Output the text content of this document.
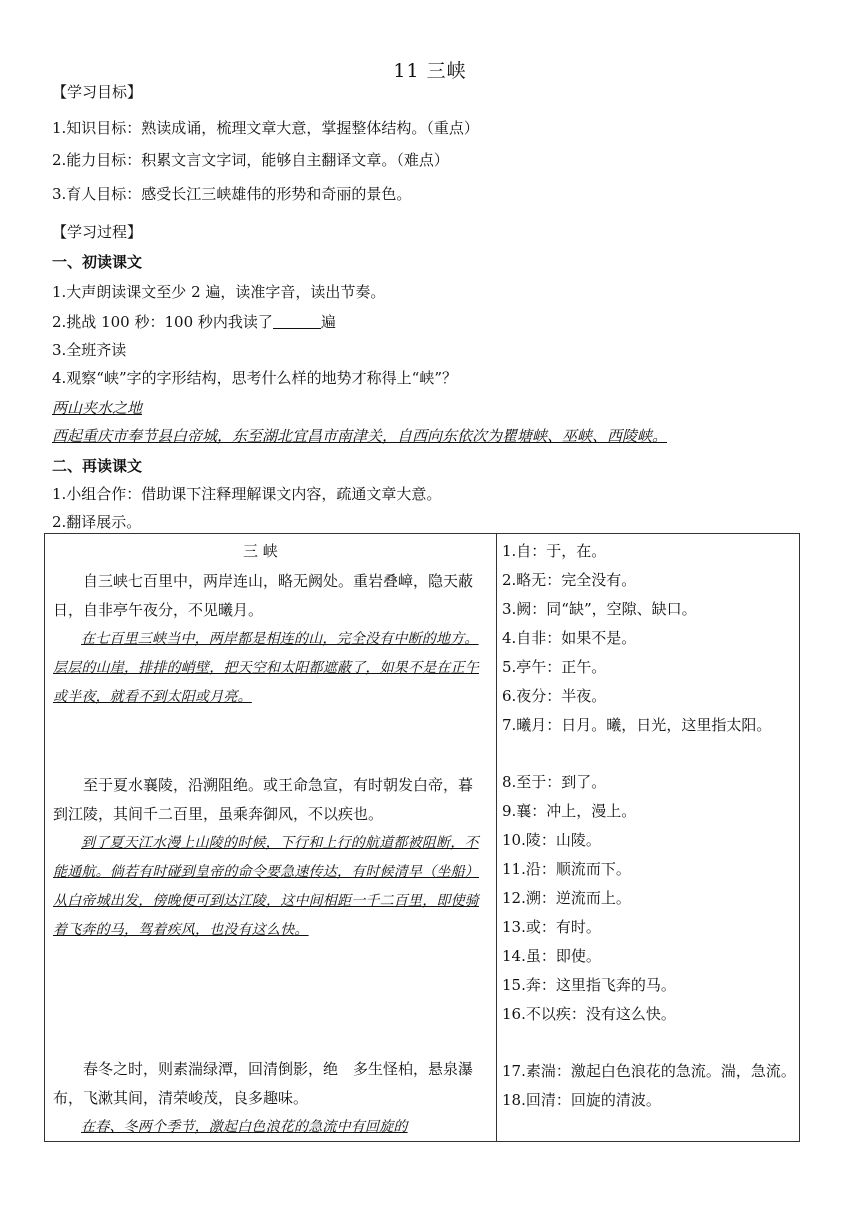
11 三峡
【学习目标】
1.知识目标：熟读成诵，梳理文章大意，掌握整体结构。（重点）
2.能力目标：积累文言文字词，能够自主翻译文章。（难点）
3.育人目标：感受长江三峡雄伟的形势和奇丽的景色。
【学习过程】
一、初读课文
1.大声朗读课文至少 2 遍，读准字音，读出节奏。
2.挑战 100 秒：100 秒内我读了	遍
3.全班齐读
4.观察“峡”字的字形结构，思考什么样的地势才称得上“峡”？
两山夹水之地
西起重庆市奉节县白帝城，东至湖北宜昌市南津关，自西向东依次为瞿塘峡、巫峡、西陵峡。
二、再读课文
1.小组合作：借助课下注释理解课文内容，疏通文章大意。
2.翻译展示。
三 峡

自三峡七百里中，两岸连山，略无阙处。重岩叠嶂，隐天蔽日，自非亭午夜分，不见曦月。

在七百里三峡当中，两岸都是相连的山，完全没有中断的地方。层层的山崖，排排的峭壁，把天空和太阳都遮蔽了，如果不是在正午或半夜，就看不到太阳或月亮。

至于夏水襄陵，沿溯阻绝。或王命急宣，有时朝发白帝，暮到江陵，其间千二百里，虽乘奔御风，不以疾也。

到了夏天江水漫上山陵的时候，下行和上行的航道都被阻断，不能通航。倘若有时碰到皇帝的命令要急速传达，有时候清早（坐船）从白帝城出发，傍晚便可到达江陵，这中间相距一千二百里，即使骑着飞奔的马，驾着疾风，也没有这么快。

春冬之时，则素湍绿潭，回清倒影，绝　多生怪柏，悬泉瀑布，飞漱其间，清荣峻茂，良多趣味。

在春、冬两个季节，激起白色浪花的急流中有回旋的

1.自：于，在。
2.略无：完全没有。
3.阙：同“缺”，空隙、缺口。
4.自非：如果不是。
5.亭午：正午。
6.夜分：半夜。
7.曦月：日月。曦，日光，这里指太阳。
8.至于：到了。
9.襄：冲上，漫上。
10.陵：山陵。
11.沿：顺流而下。
12.溯：逆流而上。
13.或：有时。
14.虽：即使。
15.奔：这里指飞奔的马。
16.不以疾：没有这么快。
17.素湍：激起白色浪花的急流。湍，急流。
18.回清：回旋的清波。
